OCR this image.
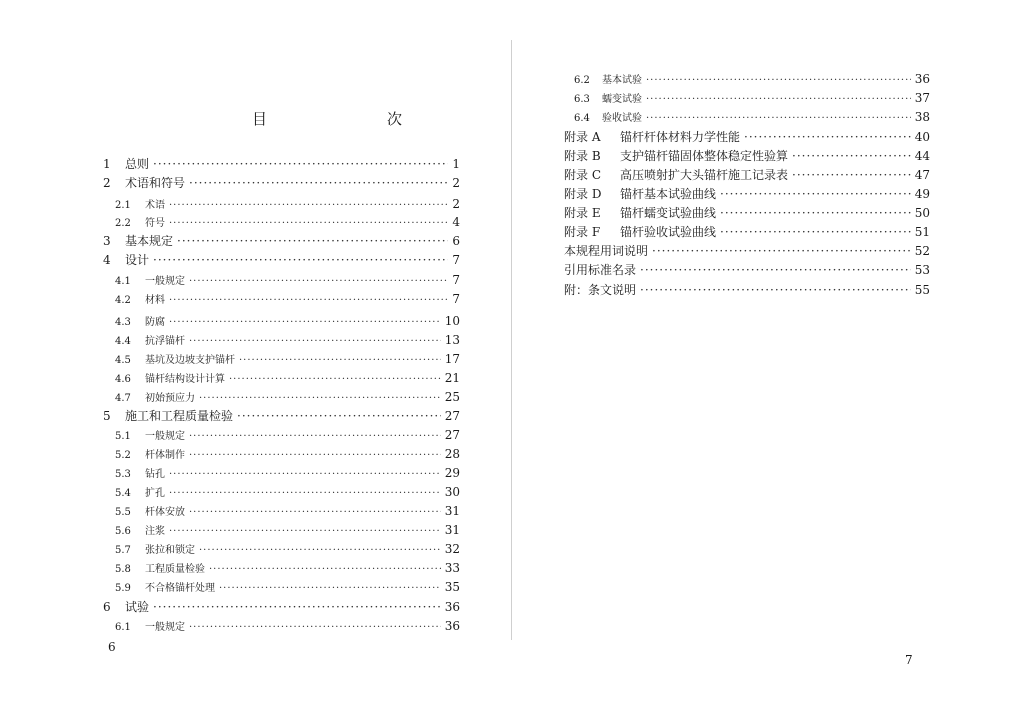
目　　次
1	总则 ·····	1
2	术语和符号 ·····	2
2.1	术语 ·····	2
2.2	符号 ·····	4
3	基本规定 ·····	6
4	设计 ·····	7
4.1	一般规定 ·····	7
4.2	材料 ·····	7
4.3	防腐 ·····	10
4.4	抗浮锚杆 ·····	13
4.5	基坑及边坡支护锚杆 ·····	17
4.6	锚杆结构设计计算 ·····	21
4.7	初始预应力 ·····	25
5	施工和工程质量检验 ·····	27
5.1	一般规定 ·····	27
5.2	杆体制作 ·····	28
5.3	钻孔 ·····	29
5.4	扩孔 ·····	30
5.5	杆体安放 ·····	31
5.6	注浆 ·····	31
5.7	张拉和锁定 ·····	32
5.8	工程质量检验 ·····	33
5.9	不合格锚杆处理 ·····	35
6	试验 ·····	36
6.1	一般规定 ·····	36
6
6.2	基本试验 ·····	36
6.3	蠕变试验 ·····	37
6.4	验收试验 ·····	38
附录 A	锚杆杆体材料力学性能 ·····	40
附录 B	支护锚杆锚固体整体稳定性验算 ·····	44
附录 C	高压喷射扩大头锚杆施工记录表 ·····	47
附录 D	锚杆基本试验曲线 ·····	49
附录 E	锚杆蠕变试验曲线 ·····	50
附录 F	锚杆验收试验曲线 ·····	51
本规程用词说明 ·····	52
引用标准名录 ·····	53
附：条文说明 ·····	55
7
